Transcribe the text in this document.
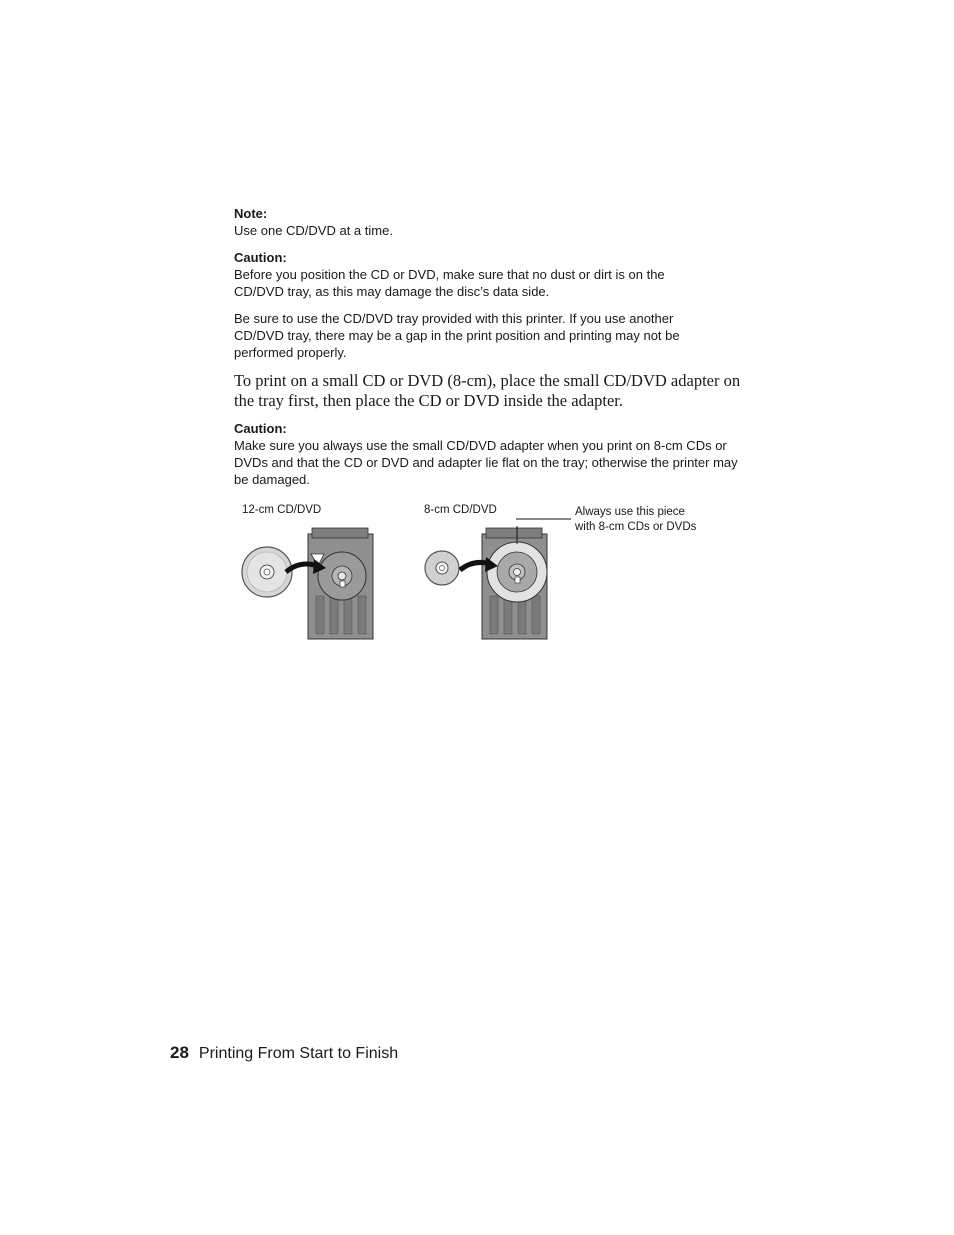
Note:

Use one CD/DVD at a time.

Caution:

Before you position the CD or DVD, make sure that no dust or dirt is on the CD/DVD tray, as this may damage the disc’s data side.

Be sure to use the CD/DVD tray provided with this printer. If you use another CD/DVD tray, there may be a gap in the print position and printing may not be performed properly.

To print on a small CD or DVD (8-cm), place the small CD/DVD adapter on the tray first, then place the CD or DVD inside the adapter.

Caution:

Make sure you always use the small CD/DVD adapter when you print on 8-cm CDs or DVDs and that the CD or DVD and adapter lie flat on the tray; otherwise the printer may be damaged.

12-cm CD/DVD	8-cm CD/DVD	Always use this piece
with 8-cm CDs or DVDs
28 Printing From Start to Finish
